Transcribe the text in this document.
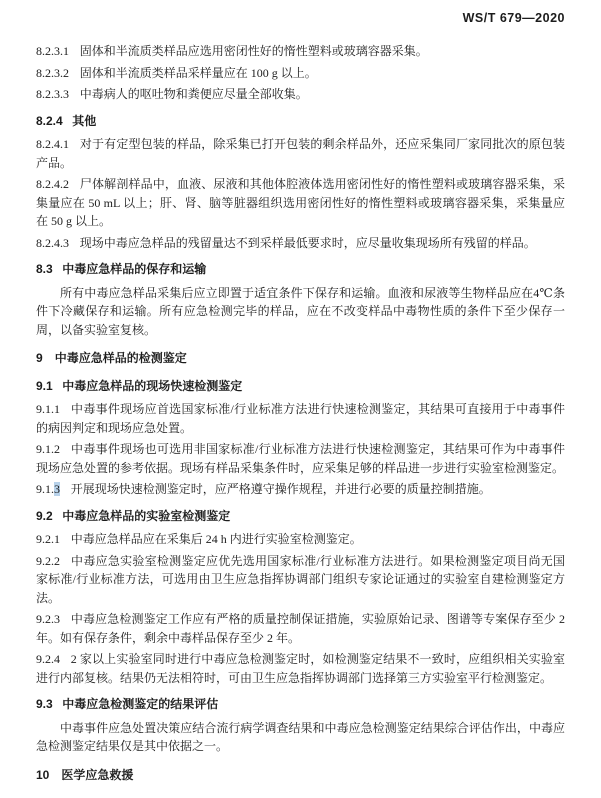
WS/T 679—2020

8.2.3.1 固体和半流质类样品应选用密闭性好的惰性塑料或玻璃容器采集。

8.2.3.2 固体和半流质类样品采样量应在 100 g 以上。

8.2.3.3 中毒病人的呕吐物和粪便应尽量全部收集。

8.2.4 其他

8.2.4.1 对于有定型包装的样品，除采集已打开包装的剩余样品外，还应采集同厂家同批次的原包装产品。

8.2.4.2 尸体解剖样品中，血液、尿液和其他体腔液体选用密闭性好的惰性塑料或玻璃容器采集，采集量应在 50 mL 以上；肝、肾、脑等脏器组织选用密闭性好的惰性塑料或玻璃容器采集，采集量应在 50 g 以上。

8.2.4.3 现场中毒应急样品的残留量达不到采样最低要求时，应尽量收集现场所有残留的样品。

8.3 中毒应急样品的保存和运输

所有中毒应急样品采集后应立即置于适宜条件下保存和运输。血液和尿液等生物样品应在4℃条件下冷藏保存和运输。所有应急检测完毕的样品，应在不改变样品中毒物性质的条件下至少保存一周，以备实验室复核。

9 中毒应急样品的检测鉴定

9.1 中毒应急样品的现场快速检测鉴定

9.1.1 中毒事件现场应首选国家标准/行业标准方法进行快速检测鉴定，其结果可直接用于中毒事件的病因判定和现场应急处置。

9.1.2 中毒事件现场也可选用非国家标准/行业标准方法进行快速检测鉴定，其结果可作为中毒事件现场应急处置的参考依据。现场有样品采集条件时，应采集足够的样品进一步进行实验室检测鉴定。

9.1.3 开展现场快速检测鉴定时，应严格遵守操作规程，并进行必要的质量控制措施。

9.2 中毒应急样品的实验室检测鉴定

9.2.1 中毒应急样品应在采集后 24 h 内进行实验室检测鉴定。

9.2.2 中毒应急实验室检测鉴定应优先选用国家标准/行业标准方法进行。如果检测鉴定项目尚无国家标准/行业标准方法，可选用由卫生应急指挥协调部门组织专家论证通过的实验室自建检测鉴定方法。

9.2.3 中毒应急检测鉴定工作应有严格的质量控制保证措施，实验原始记录、图谱等专案保存至少 2 年。如有保存条件，剩余中毒样品保存至少 2 年。

9.2.4 2 家以上实验室同时进行中毒应急检测鉴定时，如检测鉴定结果不一致时，应组织相关实验室进行内部复核。结果仍无法相符时，可由卫生应急指挥协调部门选择第三方实验室平行检测鉴定。

9.3 中毒应急检测鉴定的结果评估

中毒事件应急处置决策应结合流行病学调查结果和中毒应急检测鉴定结果综合评估作出，中毒应急检测鉴定结果仅是其中依据之一。

10 医学应急救援
